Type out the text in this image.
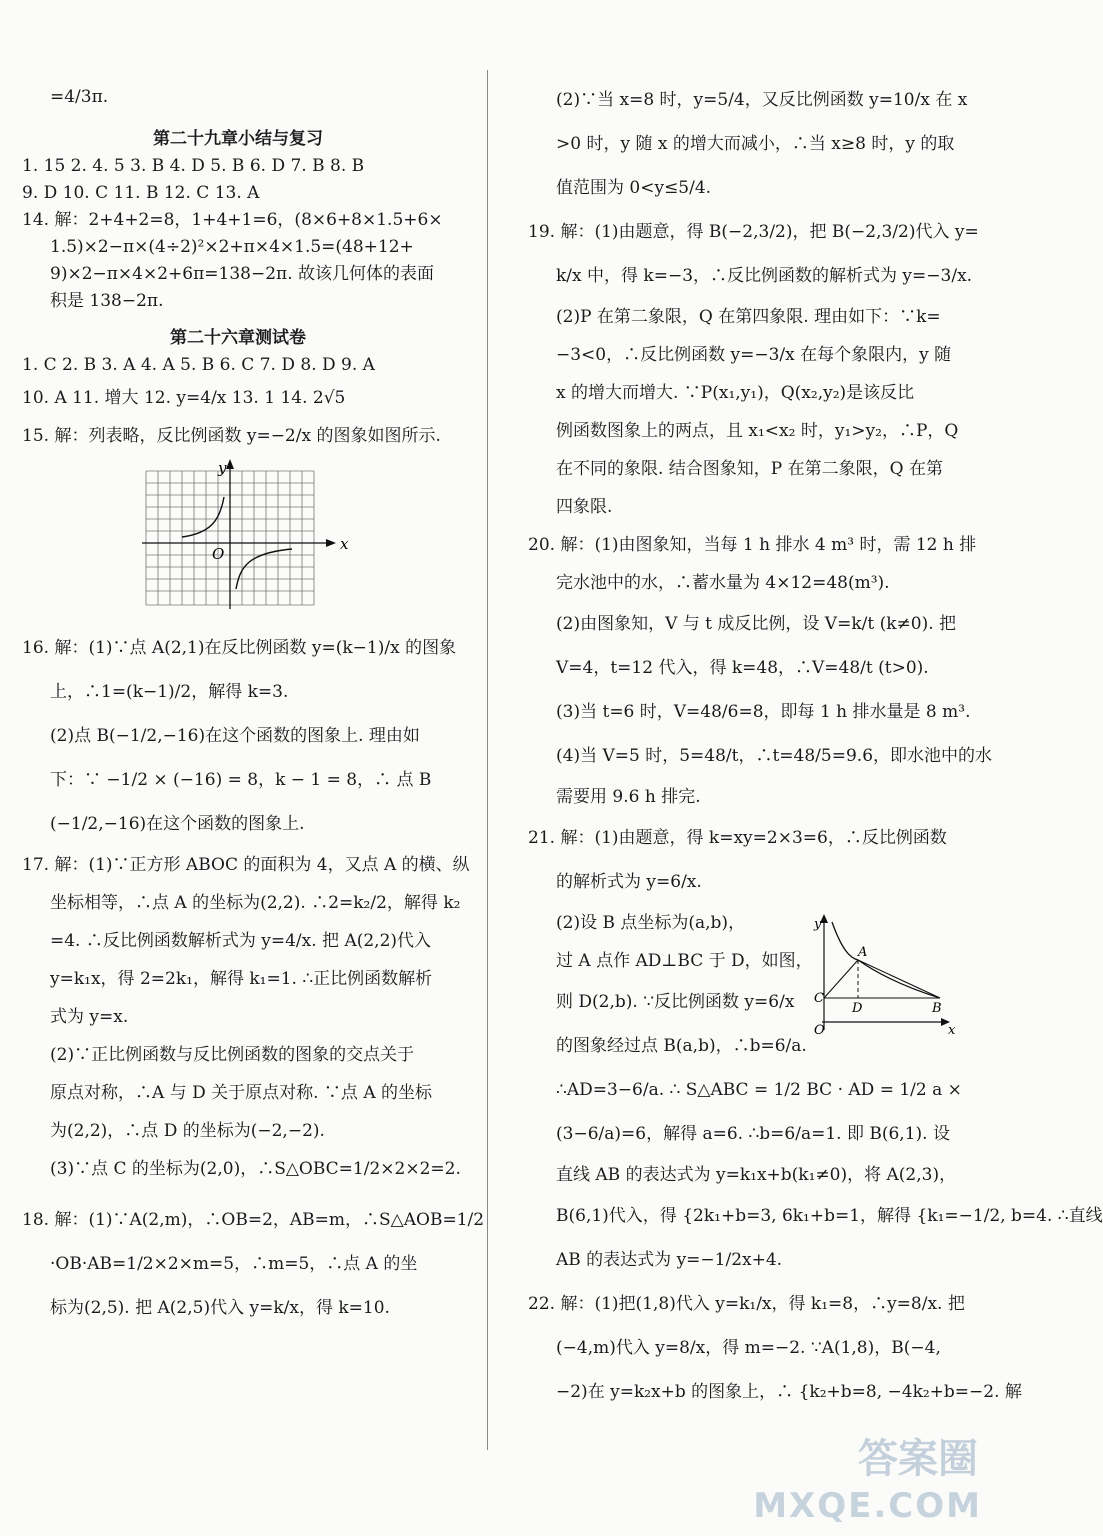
=4/3π.
第二十九章小结与复习
1. 15 2. 4. 5 3. B 4. D 5. B 6. D 7. B 8. B
9. D 10. C 11. B 12. C 13. A
14. 解：2+4+2=8，1+4+1=6，(8×6+8×1.5+6×
1.5)×2−π×(4÷2)²×2+π×4×1.5=(48+12+
9)×2−π×4×2+6π=138−2π. 故该几何体的表面
积是 138−2π.
第二十六章测试卷
1. C 2. B 3. A 4. A 5. B 6. C 7. D 8. D 9. A
10. A 11. 增大 12. y=4/x 13. 1 14. 2√5
15. 解：列表略，反比例函数 y=−2/x 的图象如图所示.
y
x
O
16. 解：(1)∵点 A(2,1)在反比例函数 y=(k−1)/x 的图象
上，∴1=(k−1)/2，解得 k=3.
(2)点 B(−1/2,−16)在这个函数的图象上. 理由如
下：∵ −1/2 × (−16) = 8，k − 1 = 8，∴ 点 B
(−1/2,−16)在这个函数的图象上.
17. 解：(1)∵正方形 ABOC 的面积为 4，又点 A 的横、纵
坐标相等，∴点 A 的坐标为(2,2). ∴2=k₂/2，解得 k₂
=4. ∴反比例函数解析式为 y=4/x. 把 A(2,2)代入
y=k₁x，得 2=2k₁，解得 k₁=1. ∴正比例函数解析
式为 y=x.
(2)∵正比例函数与反比例函数的图象的交点关于
原点对称，∴A 与 D 关于原点对称. ∵点 A 的坐标
为(2,2)，∴点 D 的坐标为(−2,−2).
(3)∵点 C 的坐标为(2,0)，∴S△OBC=1/2×2×2=2.
18. 解：(1)∵A(2,m)，∴OB=2，AB=m，∴S△AOB=1/2
·OB·AB=1/2×2×m=5，∴m=5，∴点 A 的坐
标为(2,5). 把 A(2,5)代入 y=k/x，得 k=10.
(2)∵当 x=8 时，y=5/4，又反比例函数 y=10/x 在 x
>0 时，y 随 x 的增大而减小，∴当 x≥8 时，y 的取
值范围为 0<y≤5/4.
19. 解：(1)由题意，得 B(−2,3/2)，把 B(−2,3/2)代入 y=
k/x 中，得 k=−3，∴反比例函数的解析式为 y=−3/x.
(2)P 在第二象限，Q 在第四象限. 理由如下：∵k=
−3<0，∴反比例函数 y=−3/x 在每个象限内，y 随
x 的增大而增大. ∵P(x₁,y₁)，Q(x₂,y₂)是该反比
例函数图象上的两点，且 x₁<x₂ 时，y₁>y₂，∴P，Q
在不同的象限. 结合图象知，P 在第二象限，Q 在第
四象限.
20. 解：(1)由图象知，当每 1 h 排水 4 m³ 时，需 12 h 排
完水池中的水，∴蓄水量为 4×12=48(m³).
(2)由图象知，V 与 t 成反比例，设 V=k/t (k≠0). 把
V=4，t=12 代入，得 k=48，∴V=48/t (t>0).
(3)当 t=6 时，V=48/6=8，即每 1 h 排水量是 8 m³.
(4)当 V=5 时，5=48/t，∴t=48/5=9.6，即水池中的水
需要用 9.6 h 排完.
21. 解：(1)由题意，得 k=xy=2×3=6，∴反比例函数
的解析式为 y=6/x.
(2)设 B 点坐标为(a,b)，
过 A 点作 AD⊥BC 于 D，如图，
则 D(2,b). ∵反比例函数 y=6/x
的图象经过点 B(a,b)，∴b=6/a.
∴AD=3−6/a. ∴ S△ABC = 1/2 BC · AD = 1/2 a ×
(3−6/a)=6，解得 a=6. ∴b=6/a=1. 即 B(6,1). 设
直线 AB 的表达式为 y=k₁x+b(k₁≠0)，将 A(2,3)，
B(6,1)代入，得 {2k₁+b=3, 6k₁+b=1，解得 {k₁=−1/2, b=4. ∴直线
AB 的表达式为 y=−1/2x+4.
22. 解：(1)把(1,8)代入 y=k₁/x，得 k₁=8，∴y=8/x. 把
(−4,m)代入 y=8/x，得 m=−2. ∵A(1,8)，B(−4,
−2)在 y=k₂x+b 的图象上，∴ {k₂+b=8, −4k₂+b=−2. 解
y
x
O
A
B
C
D
答案圈
MXQE.COM
